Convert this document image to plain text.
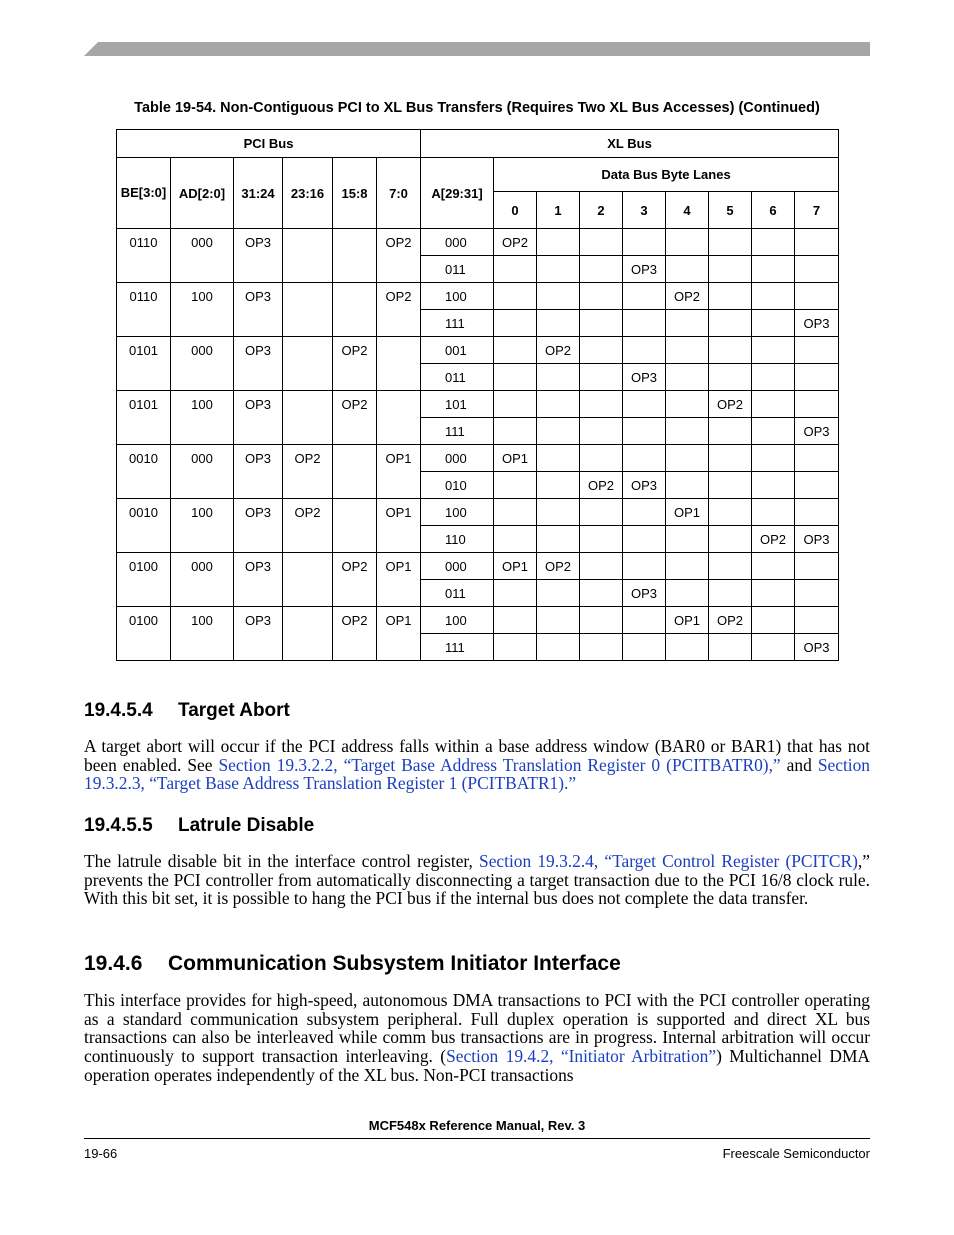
Table 19-54. Non-Contiguous PCI to XL Bus Transfers (Requires Two XL Bus Accesses) (Continued)
PCI Bus						XL Bus								
BE[3:0]	AD[2:0]	31:24	23:16	15:8	7:0	A[29:31]	Data Bus Byte Lanes							
							0	1	2	3	4	5	6	7
0110	000	OP3			OP2	000	OP2							
						011				OP3				
0110	100	OP3			OP2	100					OP2			
						111								OP3
0101	000	OP3		OP2		001		OP2						
						011				OP3				
0101	100	OP3		OP2		101						OP2		
						111								OP3
0010	000	OP3	OP2		OP1	000	OP1							
						010			OP2	OP3				
0010	100	OP3	OP2		OP1	100					OP1			
						110							OP2	OP3
0100	000	OP3		OP2	OP1	000	OP1	OP2						
						011				OP3				
0100	100	OP3		OP2	OP1	100					OP1	OP2		
						111								OP3
19.4.5.4 Target Abort

A target abort will occur if the PCI address falls within a base address window (BAR0 or BAR1) that has not been enabled. See Section 19.3.2.2, “Target Base Address Translation Register 0 (PCITBATR0),” and Section 19.3.2.3, “Target Base Address Translation Register 1 (PCITBATR1).”

19.4.5.5 Latrule Disable

The latrule disable bit in the interface control register, Section 19.3.2.4, “Target Control Register (PCITCR),” prevents the PCI controller from automatically disconnecting a target transaction due to the PCI 16/8 clock rule. With this bit set, it is possible to hang the PCI bus if the internal bus does not complete the data transfer.

19.4.6 Communication Subsystem Initiator Interface

This interface provides for high-speed, autonomous DMA transactions to PCI with the PCI controller operating as a standard communication subsystem peripheral. Full duplex operation is supported and direct XL bus transactions can also be interleaved while comm bus transactions are in progress. Internal arbitration will occur continuously to support transaction interleaving. (Section 19.4.2, “Initiator Arbitration”) Multichannel DMA operation operates independently of the XL bus. Non-PCI transactions

MCF548x Reference Manual, Rev. 3
19-66	Freescale Semiconductor
